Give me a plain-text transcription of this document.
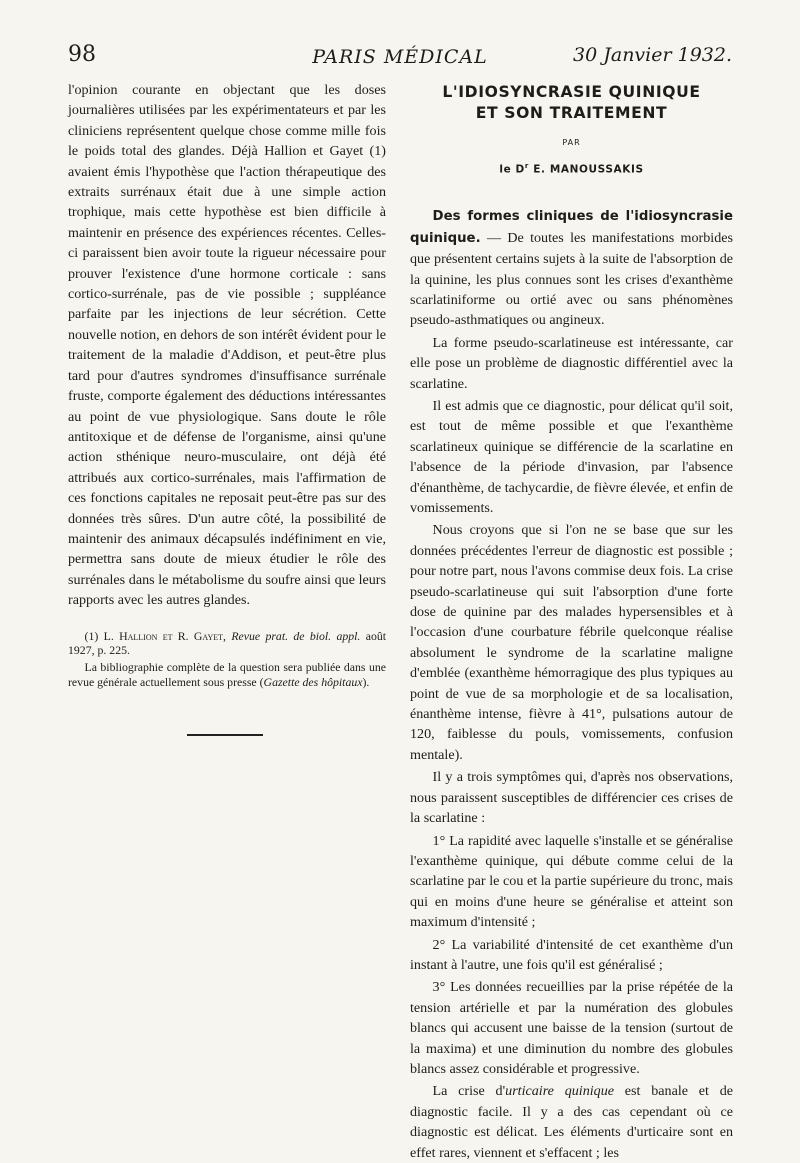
98	PARIS MÉDICAL	30 Janvier 1932.

l'opinion courante en objectant que les doses journalières utilisées par les expérimentateurs et par les cliniciens représentent quelque chose comme mille fois le poids total des glandes. Déjà Hallion et Gayet (1) avaient émis l'hypothèse que l'action thérapeutique des extraits surrénaux était due à une simple action trophique, mais cette hypothèse est bien difficile à maintenir en présence des expériences récentes. Celles-ci paraissent bien avoir toute la rigueur nécessaire pour prouver l'existence d'une hormone corticale : sans cortico-surrénale, pas de vie possible ; suppléance parfaite par les injections de leur sécrétion. Cette nouvelle notion, en dehors de son intérêt évident pour le traitement de la maladie d'Addison, et peut-être plus tard pour d'autres syndromes d'insuffisance surrénale fruste, comporte également des déductions intéressantes au point de vue physiologique. Sans doute le rôle antitoxique et de défense de l'organisme, ainsi qu'une action sthénique neuro-musculaire, ont déjà été attribués aux cortico-surrénales, mais l'affirmation de ces fonctions capitales ne reposait peut-être pas sur des données très sûres. D'un autre côté, la possibilité de maintenir des animaux décapsulés indéfiniment en vie, permettra sans doute de mieux étudier le rôle des surrénales dans le métabolisme du soufre ainsi que leurs rapports avec les autres glandes.

(1) L. Hallion et R. Gayet, Revue prat. de biol. appl. août 1927, p. 225.

La bibliographie complète de la question sera publiée dans une revue générale actuellement sous presse (Gazette des hôpitaux).

L'IDIOSYNCRASIE QUINIQUE
ET SON TRAITEMENT
PAR
le $D^r$ E. MANOUSSAKIS

Des formes cliniques de l'idiosyncrasie quinique. — De toutes les manifestations morbides que présentent certains sujets à la suite de l'absorption de la quinine, les plus connues sont les crises d'exanthème scarlatiniforme ou ortié avec ou sans phénomènes pseudo-asthmatiques ou angineux.

La forme pseudo-scarlatineuse est intéressante, car elle pose un problème de diagnostic différentiel avec la scarlatine.

Il est admis que ce diagnostic, pour délicat qu'il soit, est tout de même possible et que l'exanthème scarlatineux quinique se différencie de la scarlatine en l'absence de la période d'invasion, par l'absence d'énanthème, de tachycardie, de fièvre élevée, et enfin de vomissements.

Nous croyons que si l'on ne se base que sur les données précédentes l'erreur de diagnostic est possible ; pour notre part, nous l'avons commise deux fois. La crise pseudo-scarlatineuse qui suit l'absorption d'une forte dose de quinine par des malades hypersensibles et à l'occasion d'une courbature fébrile quelconque réalise absolument le syndrome de la scarlatine maligne d'emblée (exanthème hémorragique des plus typiques au point de vue de sa morphologie et de sa localisation, énanthème intense, fièvre à 41°, pulsations autour de 120, faiblesse du pouls, vomissements, confusion mentale).

Il y a trois symptômes qui, d'après nos observations, nous paraissent susceptibles de différencier ces crises de la scarlatine :

1° La rapidité avec laquelle s'installe et se généralise l'exanthème quinique, qui débute comme celui de la scarlatine par le cou et la partie supérieure du tronc, mais qui en moins d'une heure se généralise et atteint son maximum d'intensité ;

2° La variabilité d'intensité de cet exanthème d'un instant à l'autre, une fois qu'il est généralisé ;

3° Les données recueillies par la prise répétée de la tension artérielle et par la numération des globules blancs qui accusent une baisse de la tension (surtout de la maxima) et une diminution du nombre des globules blancs assez considérable et progressive.

La crise d'urticaire quinique est banale et de diagnostic facile. Il y a des cas cependant où ce diagnostic est délicat. Les éléments d'urticaire sont en effet rares, viennent et s'effacent ; les
